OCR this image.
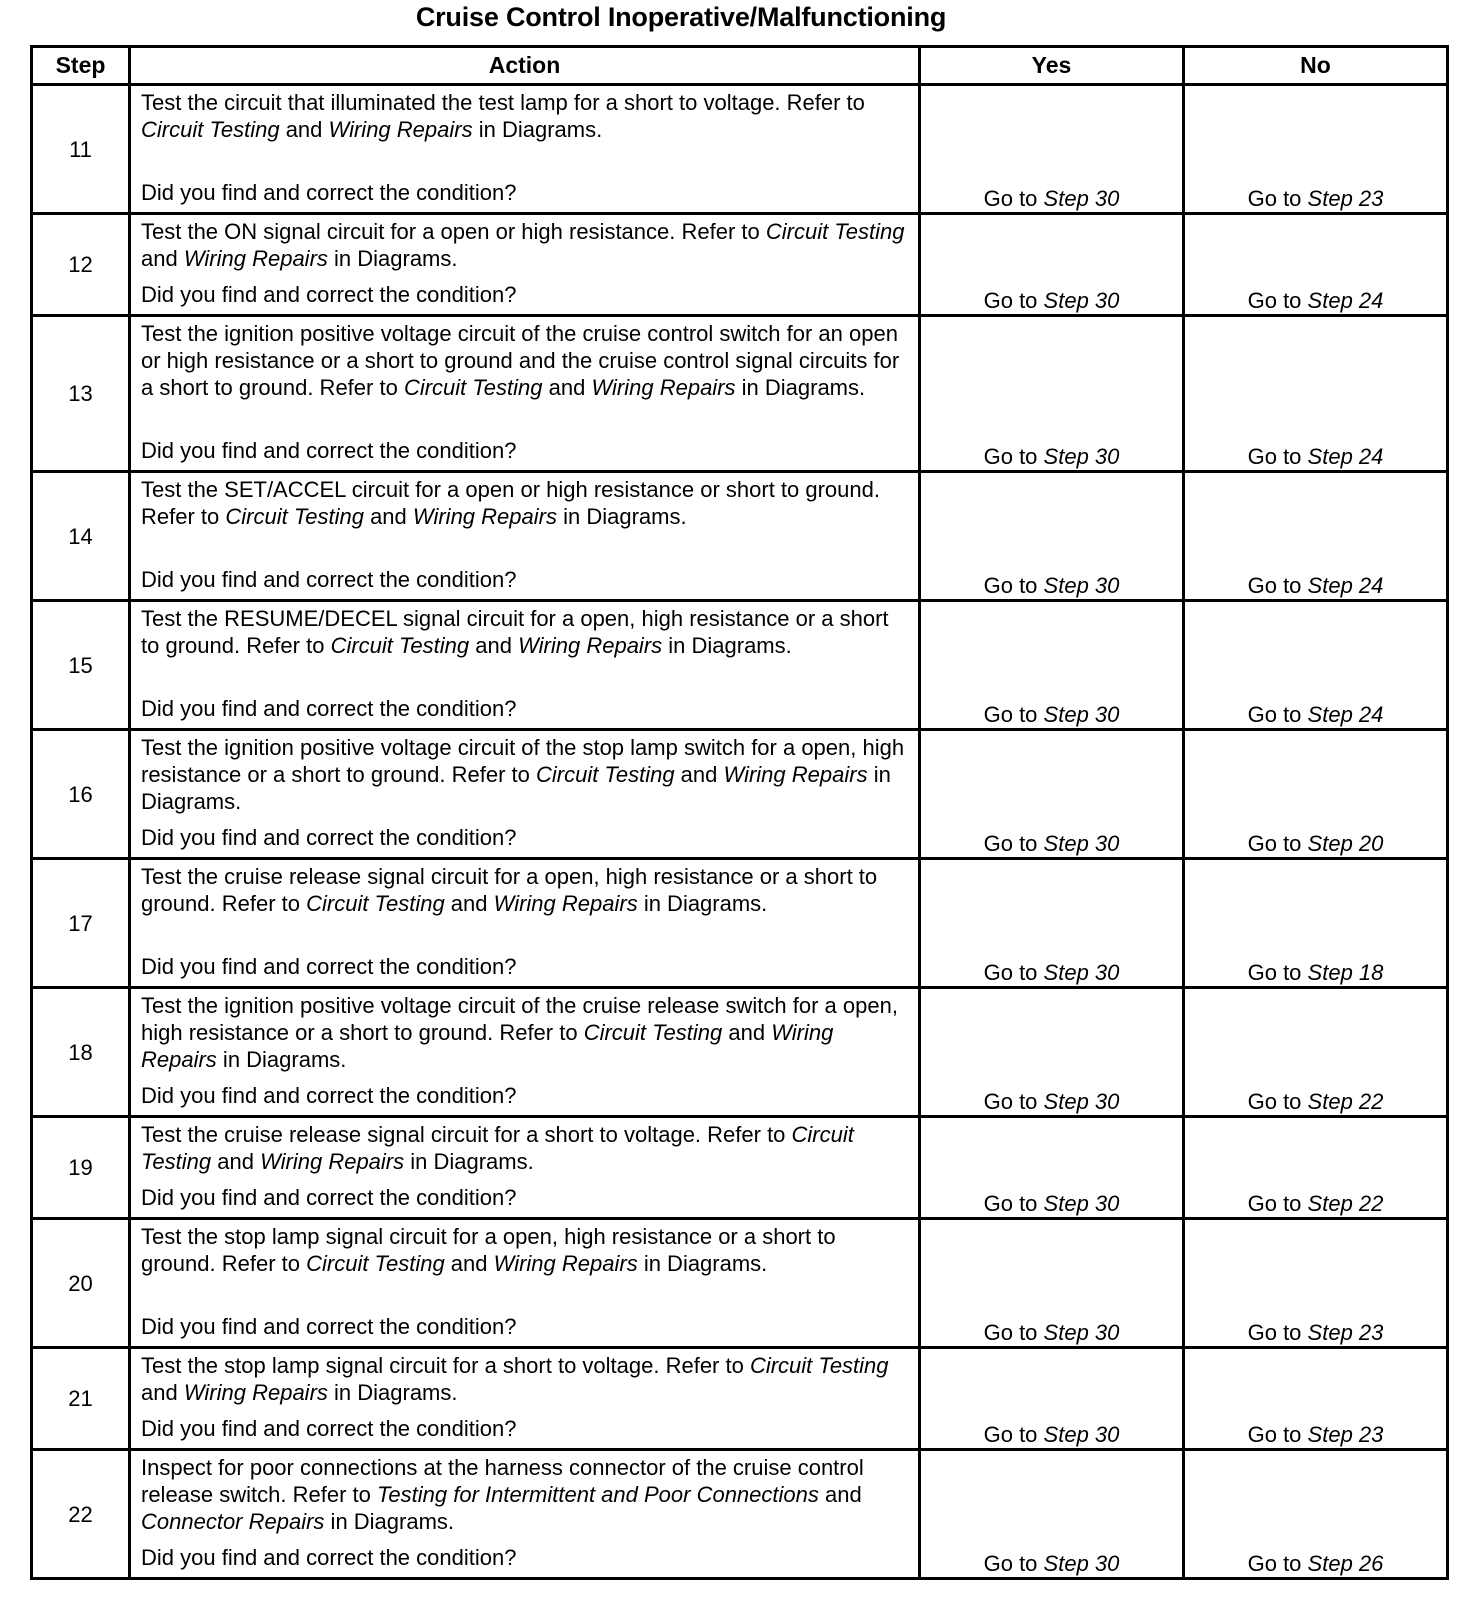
Cruise Control Inoperative/Malfunctioning
Step	Action	Yes	No
11	Test the circuit that illuminated the test lamp for a short to voltage. Refer to Circuit Testing and Wiring Repairs in Diagrams.
Did you find and correct the condition?	Go to Step 30	Go to Step 23
12	Test the ON signal circuit for a open or high resistance. Refer to Circuit Testing and Wiring Repairs in Diagrams.
Did you find and correct the condition?	Go to Step 30	Go to Step 24
13	Test the ignition positive voltage circuit of the cruise control switch for an open or high resistance or a short to ground and the cruise control signal circuits for a short to ground. Refer to Circuit Testing and Wiring Repairs in Diagrams.
Did you find and correct the condition?	Go to Step 30	Go to Step 24
14	Test the SET/ACCEL circuit for a open or high resistance or short to ground. Refer to Circuit Testing and Wiring Repairs in Diagrams.
Did you find and correct the condition?	Go to Step 30	Go to Step 24
15	Test the RESUME/DECEL signal circuit for a open, high resistance or a short to ground. Refer to Circuit Testing and Wiring Repairs in Diagrams.
Did you find and correct the condition?	Go to Step 30	Go to Step 24
16	Test the ignition positive voltage circuit of the stop lamp switch for a open, high resistance or a short to ground. Refer to Circuit Testing and Wiring Repairs in Diagrams.
Did you find and correct the condition?	Go to Step 30	Go to Step 20
17	Test the cruise release signal circuit for a open, high resistance or a short to ground. Refer to Circuit Testing and Wiring Repairs in Diagrams.
Did you find and correct the condition?	Go to Step 30	Go to Step 18
18	Test the ignition positive voltage circuit of the cruise release switch for a open, high resistance or a short to ground. Refer to Circuit Testing and Wiring Repairs in Diagrams.
Did you find and correct the condition?	Go to Step 30	Go to Step 22
19	Test the cruise release signal circuit for a short to voltage. Refer to Circuit Testing and Wiring Repairs in Diagrams.
Did you find and correct the condition?	Go to Step 30	Go to Step 22
20	Test the stop lamp signal circuit for a open, high resistance or a short to ground. Refer to Circuit Testing and Wiring Repairs in Diagrams.
Did you find and correct the condition?	Go to Step 30	Go to Step 23
21	Test the stop lamp signal circuit for a short to voltage. Refer to Circuit Testing and Wiring Repairs in Diagrams.
Did you find and correct the condition?	Go to Step 30	Go to Step 23
22	Inspect for poor connections at the harness connector of the cruise control release switch. Refer to Testing for Intermittent and Poor Connections and Connector Repairs in Diagrams.
Did you find and correct the condition?	Go to Step 30	Go to Step 26
